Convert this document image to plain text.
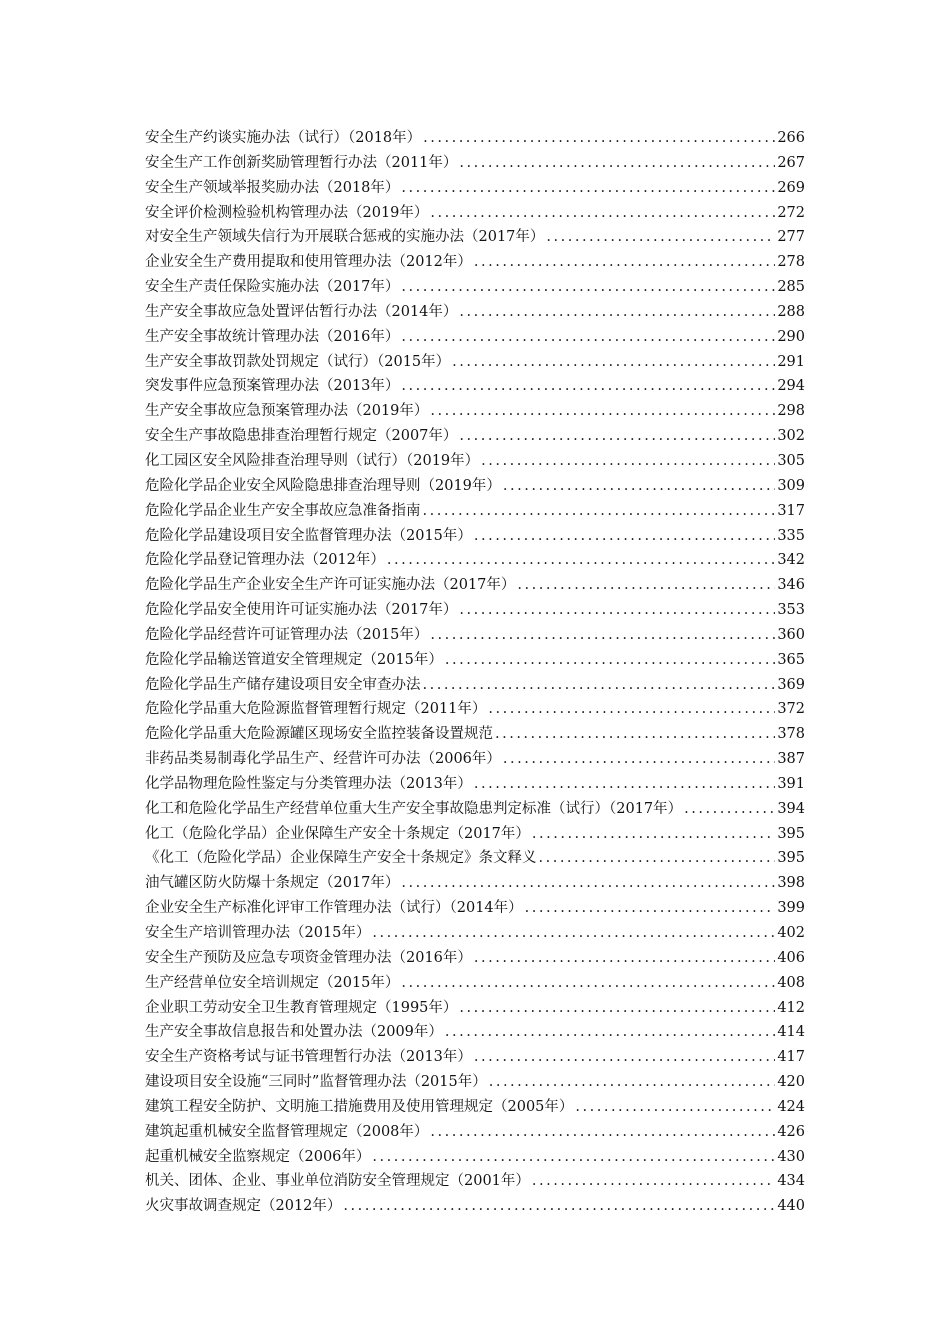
安全生产约谈实施办法（试行）（2018年） .....	266
安全生产工作创新奖励管理暂行办法（2011年） .....	267
安全生产领域举报奖励办法（2018年） .....	269
安全评价检测检验机构管理办法（2019年） .....	272
对安全生产领域失信行为开展联合惩戒的实施办法（2017年） .....	277
企业安全生产费用提取和使用管理办法（2012年） .....	278
安全生产责任保险实施办法（2017年） .....	285
生产安全事故应急处置评估暂行办法（2014年） .....	288
生产安全事故统计管理办法（2016年） .....	290
生产安全事故罚款处罚规定（试行）（2015年） .....	291
突发事件应急预案管理办法（2013年） .....	294
生产安全事故应急预案管理办法（2019年） .....	298
安全生产事故隐患排查治理暂行规定（2007年） .....	302
化工园区安全风险排查治理导则（试行）（2019年） .....	305
危险化学品企业安全风险隐患排查治理导则（2019年） .....	309
危险化学品企业生产安全事故应急准备指南 .....	317
危险化学品建设项目安全监督管理办法（2015年） .....	335
危险化学品登记管理办法（2012年） .....	342
危险化学品生产企业安全生产许可证实施办法（2017年） .....	346
危险化学品安全使用许可证实施办法（2017年） .....	353
危险化学品经营许可证管理办法（2015年） .....	360
危险化学品输送管道安全管理规定（2015年） .....	365
危险化学品生产储存建设项目安全审查办法 .....	369
危险化学品重大危险源监督管理暂行规定（2011年） .....	372
危险化学品重大危险源罐区现场安全监控装备设置规范 .....	378
非药品类易制毒化学品生产、经营许可办法（2006年） .....	387
化学品物理危险性鉴定与分类管理办法（2013年） .....	391
化工和危险化学品生产经营单位重大生产安全事故隐患判定标准（试行）（2017年） .....	394
化工（危险化学品）企业保障生产安全十条规定（2017年） .....	395
《化工（危险化学品）企业保障生产安全十条规定》条文释义 .....	395
油气罐区防火防爆十条规定（2017年） .....	398
企业安全生产标准化评审工作管理办法（试行）（2014年） .....	399
安全生产培训管理办法（2015年） .....	402
安全生产预防及应急专项资金管理办法（2016年） .....	406
生产经营单位安全培训规定（2015年） .....	408
企业职工劳动安全卫生教育管理规定（1995年） .....	412
生产安全事故信息报告和处置办法（2009年） .....	414
安全生产资格考试与证书管理暂行办法（2013年） .....	417
建设项目安全设施“三同时”监督管理办法（2015年） .....	420
建筑工程安全防护、文明施工措施费用及使用管理规定（2005年） .....	424
建筑起重机械安全监督管理规定（2008年） .....	426
起重机械安全监察规定（2006年） .....	430
机关、团体、企业、事业单位消防安全管理规定（2001年） .....	434
火灾事故调查规定（2012年） .....	440
